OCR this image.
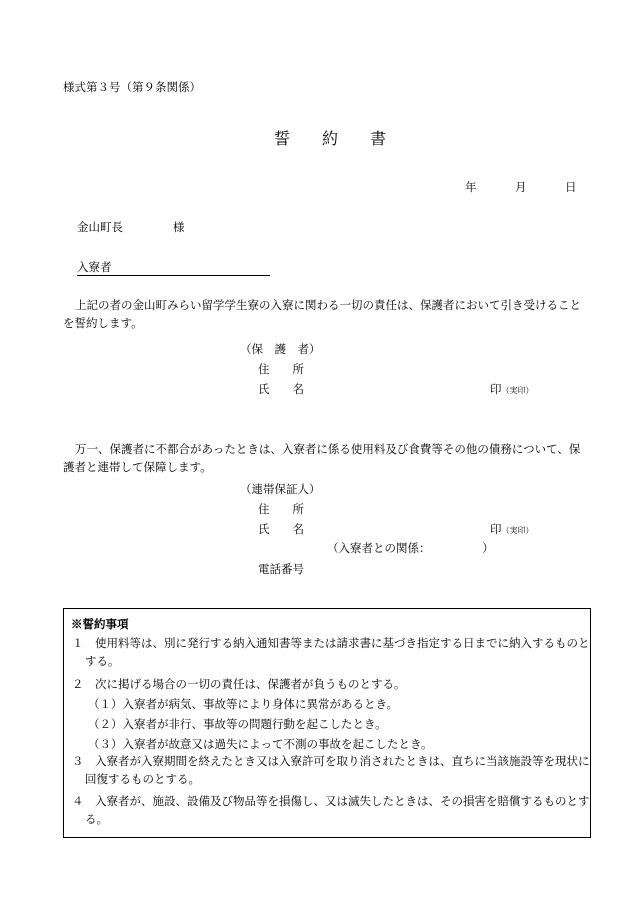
様式第３号（第９条関係）
誓 約 書
年	月	日
金山町長	様
入寮者
上記の者の金山町みらい留学学生寮の入寮に関わる一切の責任は、保護者において引き受けることを誓約します。
（保　護　者）
住　　所
氏　　名	印（実印）
万一、保護者に不都合があったときは、入寮者に係る使用料及び食費等その他の債務について、保護者と連帯して保障します。
（連帯保証人）
住　　所
氏　　名	印（実印）
（入寮者との関係：　　　　　）
電話番号
※誓約事項
１　使用料等は、別に発行する納入通知書等または請求書に基づき指定する日までに納入するものとする。
２　次に掲げる場合の一切の責任は、保護者が負うものとする。
（１）入寮者が病気、事故等により身体に異常があるとき。
（２）入寮者が非行、事故等の問題行動を起こしたとき。
（３）入寮者が故意又は過失によって不測の事故を起こしたとき。
３　入寮者が入寮期間を終えたとき又は入寮許可を取り消されたときは、直ちに当該施設等を現状に回復するものとする。
４　入寮者が、施設、設備及び物品等を損傷し、又は滅失したときは、その損害を賠償するものとする。
